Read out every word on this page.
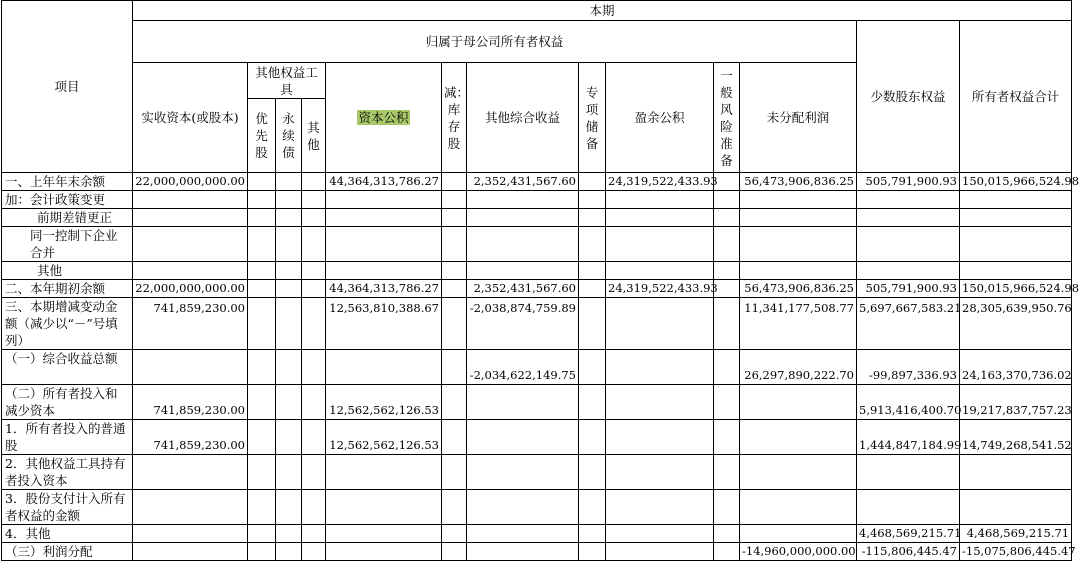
项目	本期												
	归属于母公司所有者权益											少数股东权益	所有者权益合计
	实收资本(或股本)	其他权益工具			资本公积	减：库存股	其他综合收益	专项储备	盈余公积	一般风险准备	未分配利润		
		优先股	永续债	其他									
一、上年年末余额	22,000,000,000.00				44,364,313,786.27		2,352,431,567.60		24,319,522,433.93		56,473,906,836.25	505,791,900.93	150,015,966,524.98
加：会计政策变更													
前期差错更正													
同一控制下企业合并													
其他													
二、本年期初余额	22,000,000,000.00				44,364,313,786.27		2,352,431,567.60		24,319,522,433.93		56,473,906,836.25	505,791,900.93	150,015,966,524.98
三、本期增减变动金额（减少以“－”号填列）	741,859,230.00				12,563,810,388.67		-2,038,874,759.89				11,341,177,508.77	5,697,667,583.21	28,305,639,950.76
（一）综合收益总额							-2,034,622,149.75				26,297,890,222.70	-99,897,336.93	24,163,370,736.02
（二）所有者投入和减少资本	741,859,230.00				12,562,562,126.53							5,913,416,400.70	19,217,837,757.23
1．所有者投入的普通股	741,859,230.00				12,562,562,126.53							1,444,847,184.99	14,749,268,541.52
2．其他权益工具持有者投入资本													
3．股份支付计入所有者权益的金额													
4．其他												4,468,569,215.71	4,468,569,215.71
（三）利润分配											-14,960,000,000.00	-115,806,445.47	-15,075,806,445.47
